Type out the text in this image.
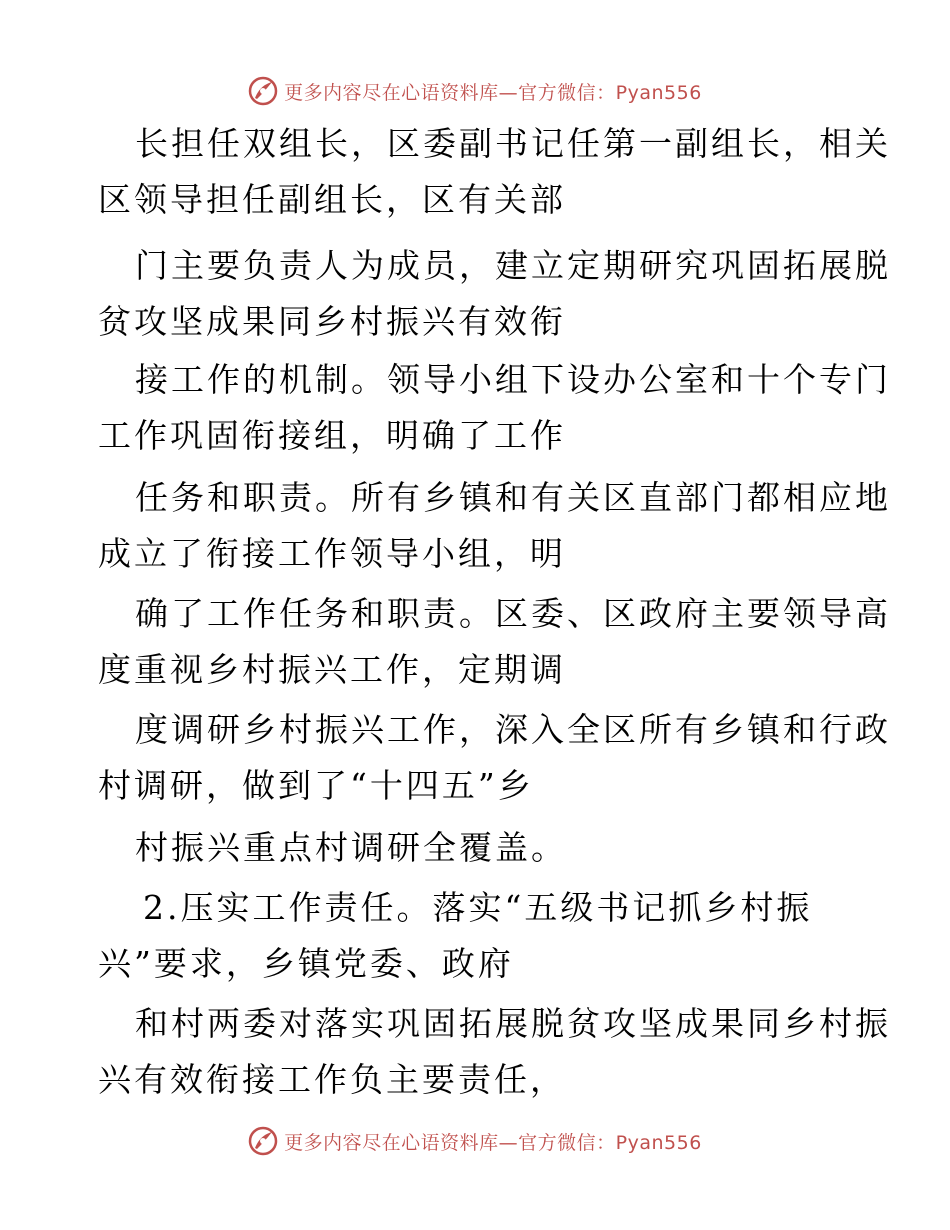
更多内容尽在心语资料库—官方微信：Pyan556
长担任双组长，区委副书记任第一副组长，相关
区领导担任副组长，区有关部
门主要负责人为成员，建立定期研究巩固拓展脱
贫攻坚成果同乡村振兴有效衔
接工作的机制。领导小组下设办公室和十个专门
工作巩固衔接组，明确了工作
任务和职责。所有乡镇和有关区直部门都相应地
成立了衔接工作领导小组，明
确了工作任务和职责。区委、区政府主要领导高
度重视乡村振兴工作，定期调
度调研乡村振兴工作，深入全区所有乡镇和行政
村调研，做到了“十四五”乡
村振兴重点村调研全覆盖。
2.压实工作责任。落实“五级书记抓乡村振
兴”要求，乡镇党委、政府
和村两委对落实巩固拓展脱贫攻坚成果同乡村振
兴有效衔接工作负主要责任，
更多内容尽在心语资料库—官方微信：Pyan556
